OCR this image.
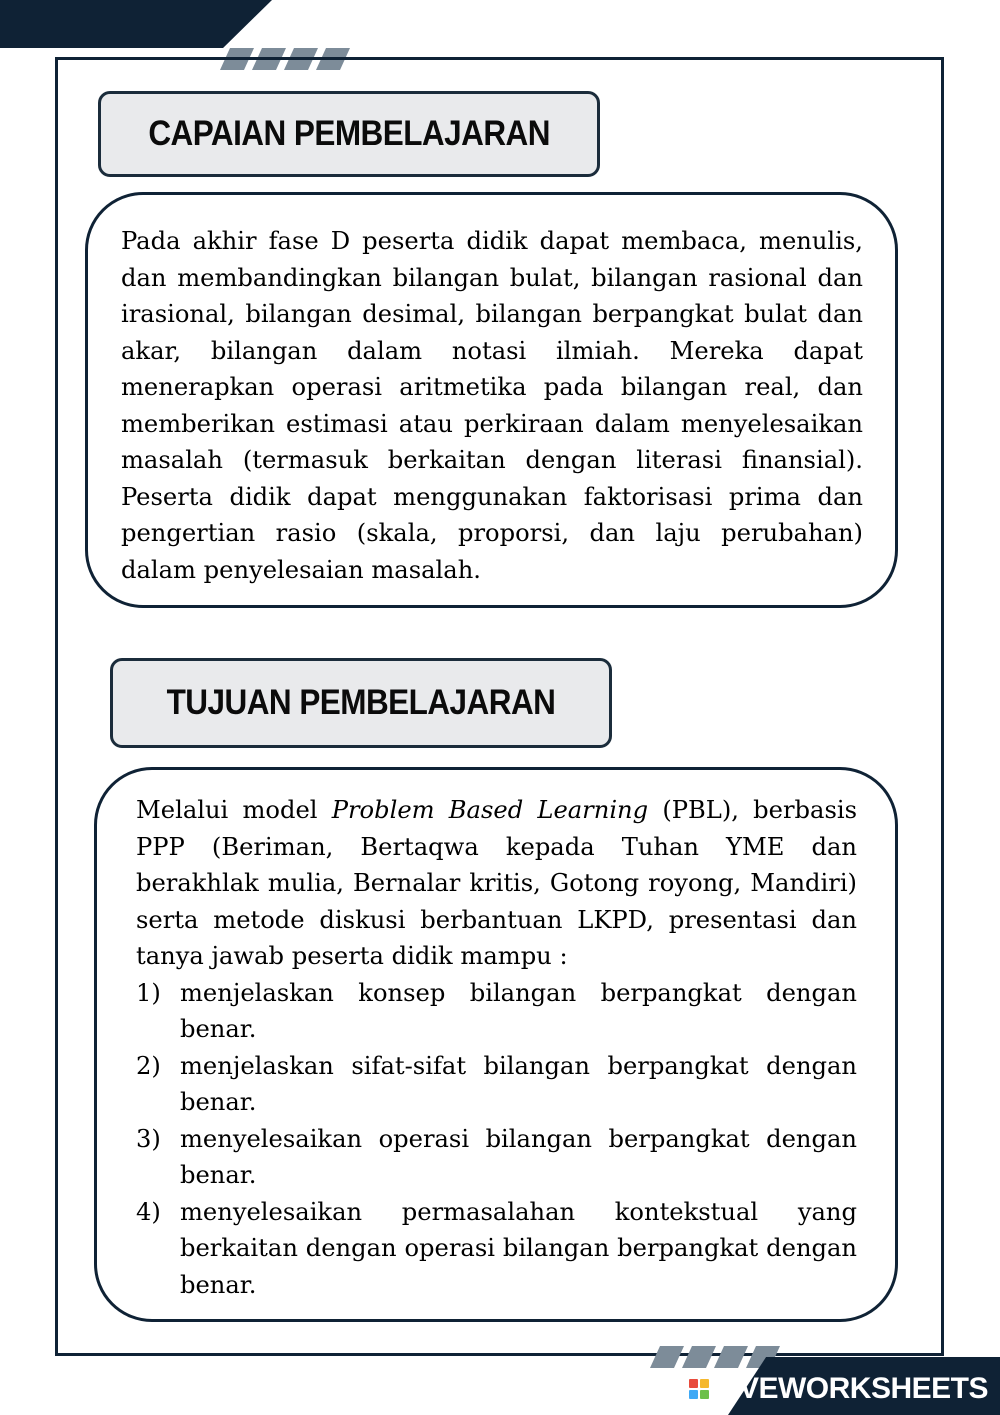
CAPAIAN PEMBELAJARAN

Pada akhir fase D peserta didik dapat membaca, menulis, dan membandingkan bilangan bulat, bilangan rasional dan irasional, bilangan desimal, bilangan berpangkat bulat dan akar, bilangan dalam notasi ilmiah. Mereka dapat menerapkan operasi aritmetika pada bilangan real, dan memberikan estimasi atau perkiraan dalam menyelesaikan masalah (termasuk berkaitan dengan literasi finansial). Peserta didik dapat menggunakan faktorisasi prima dan pengertian rasio (skala, proporsi, dan laju perubahan) dalam penyelesaian masalah.

TUJUAN PEMBELAJARAN

Melalui model Problem Based Learning (PBL), berbasis PPP (Beriman, Bertaqwa kepada Tuhan YME dan berakhlak mulia, Bernalar kritis, Gotong royong, Mandiri) serta metode diskusi berbantuan LKPD, presentasi dan tanya jawab peserta didik mampu :

1) menjelaskan konsep bilangan berpangkat dengan benar.
2) menjelaskan sifat-sifat bilangan berpangkat dengan benar.
3) menyelesaikan operasi bilangan berpangkat dengan benar.
4) menyelesaikan permasalahan kontekstual yang berkaitan dengan operasi bilangan berpangkat dengan benar.
LIVEWORKSHEETS
